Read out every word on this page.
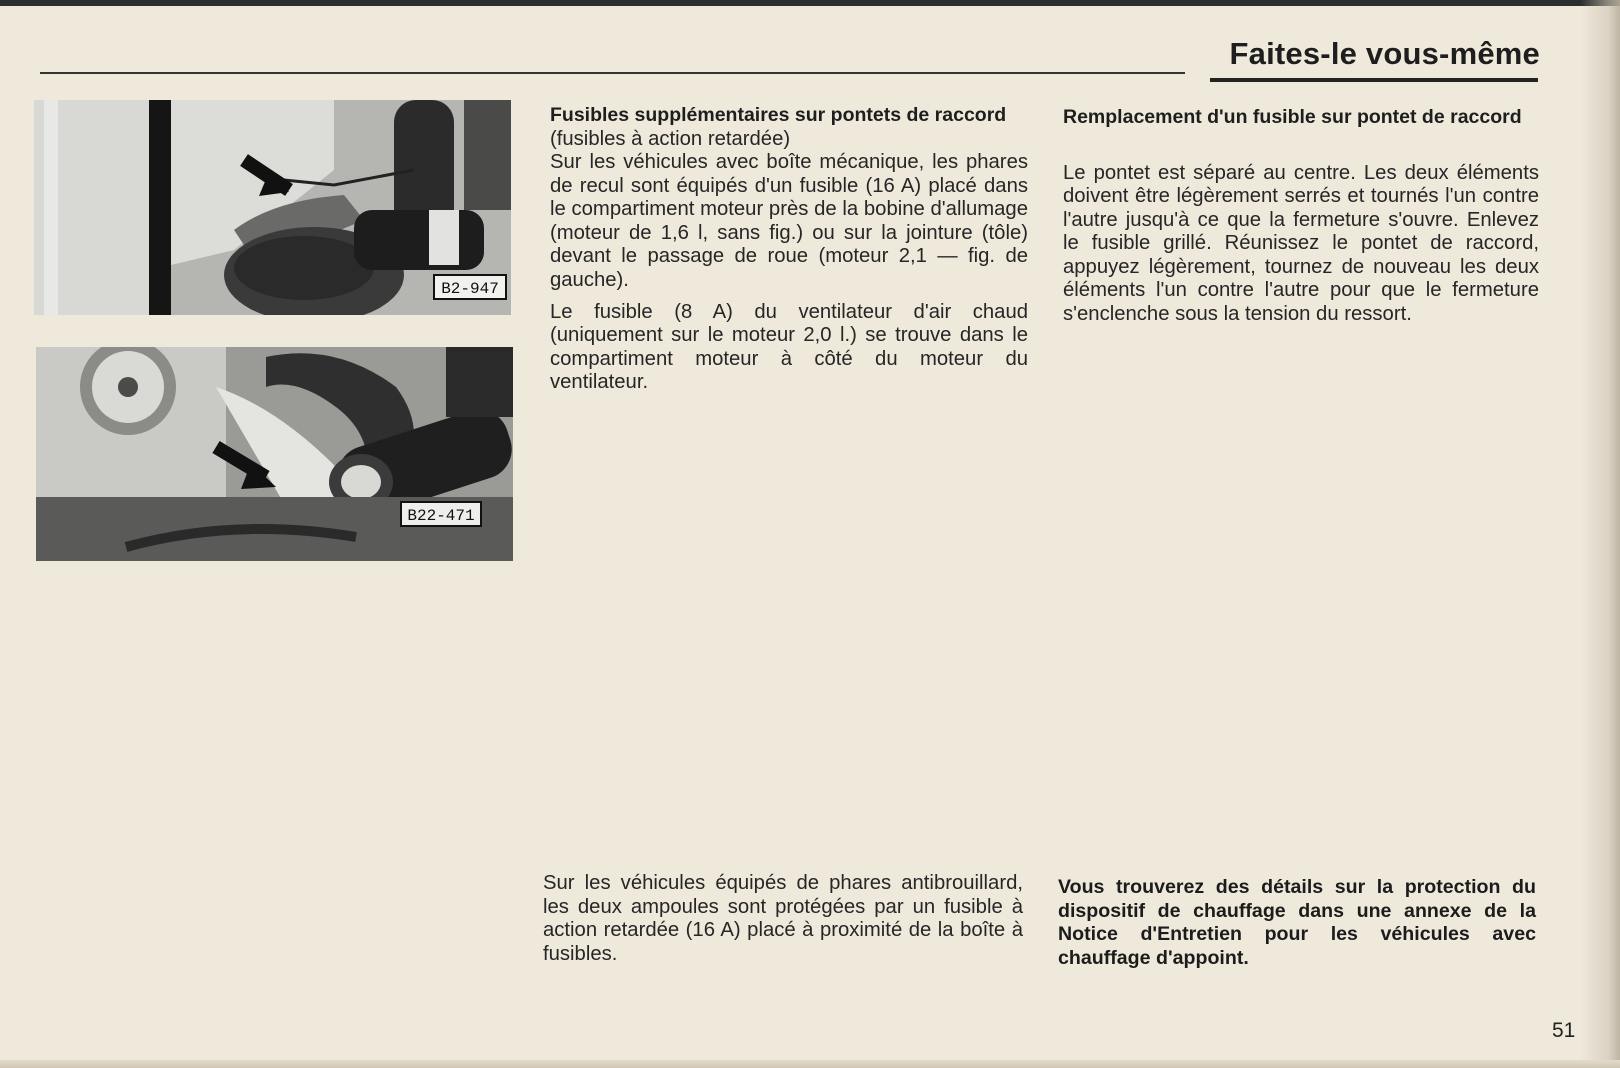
Faites-le vous-même
B2-947
B22-471
Fusibles supplémentaires sur pontets de raccord

(fusibles à action retardée)

Sur les véhicules avec boîte mécanique, les phares de recul sont équipés d'un fusible (16 A) placé dans le compartiment moteur près de la bobine d'allumage (moteur de 1,6 l, sans fig.) ou sur la jointure (tôle) devant le passage de roue (moteur 2,1 — fig. de gauche).

Le fusible (8 A) du ventilateur d'air chaud (uniquement sur le moteur 2,0 l.) se trouve dans le compartiment moteur à côté du moteur du ventilateur.

Remplacement d'un fusible sur pontet de raccord

Le pontet est séparé au centre. Les deux éléments doivent être légèrement serrés et tournés l'un contre l'autre jusqu'à ce que la fermeture s'ouvre. Enlevez le fusible grillé. Réunissez le pontet de raccord, appuyez légèrement, tournez de nouveau les deux éléments l'un contre l'autre pour que le fermeture s'enclenche sous la tension du ressort.

Sur les véhicules équipés de phares antibrouillard, les deux ampoules sont protégées par un fusible à action retardée (16 A) placé à proximité de la boîte à fusibles.
Vous trouverez des détails sur la protection du dispositif de chauffage dans une annexe de la Notice d'Entretien pour les véhicules avec chauffage d'appoint.
51
